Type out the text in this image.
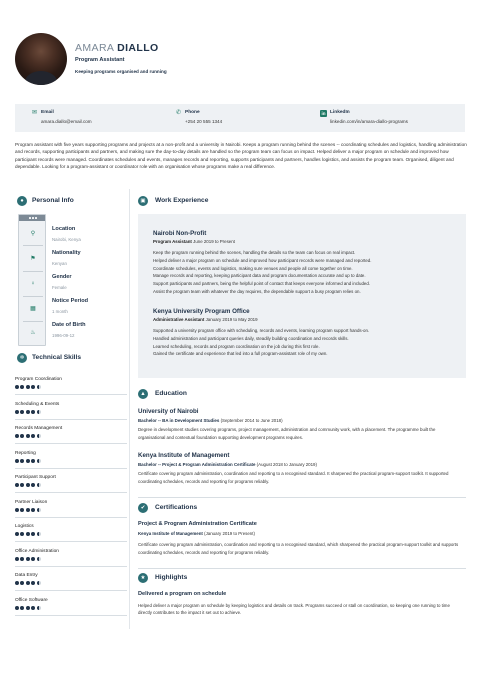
AMARA DIALLO
Program Assistant
Keeping programs organised and running
✉ Email
amara.diallo@email.com
✆ Phone
+254 20 555 1344
in LinkedIn
linkedin.com/in/amara-diallo-programs
Program assistant with five years supporting programs and projects at a non-profit and a university in Nairobi. Keeps a program running behind the scenes -- coordinating schedules and logistics, handling administration and records, supporting participants and partners, and making sure the day-to-day details are handled so the program team can focus on impact. Helped deliver a major program on schedule and improved how participant records were managed. Coordinates schedules and events, manages records and reporting, supports participants and partners, handles logistics, and assists the program team. Organised, diligent and dependable. Looking for a program-assistant or coordinator role with an organisation whose programs make a real difference.
●	Personal Info
⚲
⚑
♀
▦
♨
Location
Nairobi, Kenya
Nationality
Kenyan
Gender
Female
Notice Period
1 month
Date of Birth
1996-09-12
✲	Technical Skills
Program Coordination
Scheduling & Events
Records Management
Reporting
Participant Support
Partner Liaison
Logistics
Office Administration
Data Entry
Office Software
▣	Work Experience
Nairobi Non-Profit
Program Assistant June 2019 to Present
Keep the program running behind the scenes, handling the details so the team can focus on real impact.
Helped deliver a major program on schedule and improved how participant records were managed and reported.
Coordinate schedules, events and logistics, making sure venues and people all come together on time.
Manage records and reporting, keeping participant data and program documentation accurate and up to date.
Support participants and partners, being the helpful point of contact that keeps everyone informed and included.
Assist the program team with whatever the day requires, the dependable support a busy program relies on.
Kenya University Program Office
Administrative Assistant January 2019 to May 2019
Supported a university program office with scheduling, records and events, learning program support hands-on.
Handled administration and participant queries daily, steadily building coordination and records skills.
Learned scheduling, records and program coordination on the job during this first role.
Gained the certificate and experience that led into a full program-assistant role of my own.
▲	Education
University of Nairobi
Bachelor -- BA in Development Studies (September 2014 to June 2018)
Degree in development studies covering programs, project management, administration and community work, with a placement. The programme built the organisational and contextual foundation supporting development programs requires.
Kenya Institute of Management
Bachelor -- Project & Program Administration Certificate (August 2018 to January 2019)
Certificate covering program administration, coordination and reporting to a recognised standard. It sharpened the practical program-support toolkit. It supported coordinating schedules, records and reporting for programs reliably.
✔	Certifications
Project & Program Administration Certificate
Kenya Institute of Management (January 2019 to Present)
Certificate covering program administration, coordination and reporting to a recognised standard, which sharpened the practical program-support toolkit and supports coordinating schedules, records and reporting for programs reliably.
★	Highlights
Delivered a program on schedule
Helped deliver a major program on schedule by keeping logistics and details on track. Programs succeed or stall on coordination, so keeping one running to time directly contributes to the impact it set out to achieve.
